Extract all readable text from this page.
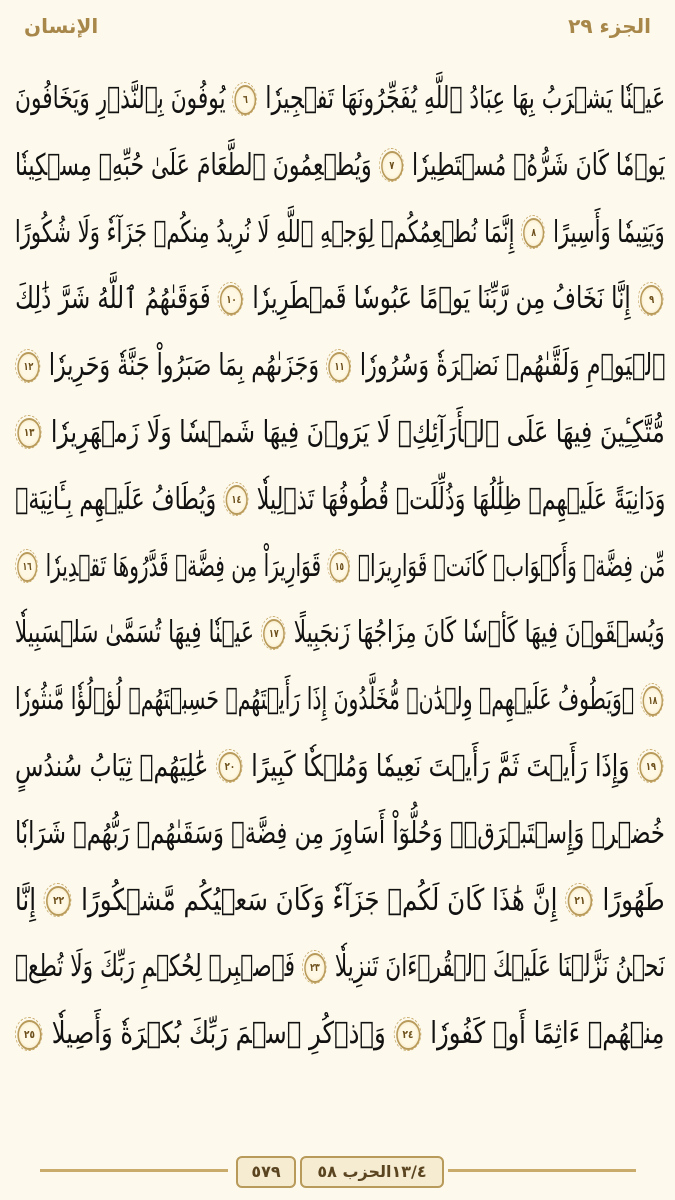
الجزء ٢٩
الإنسان
عَيۡنٗا يَشۡرَبُ بِهَا عِبَادُ ٱللَّهِ يُفَجِّرُونَهَا تَفۡجِيرٗا ٦ يُوفُونَ بِٱلنَّذۡرِ وَيَخَافُونَ
يَوۡمٗا كَانَ شَرُّهُۥ مُسۡتَطِيرٗا ٧ وَيُطۡعِمُونَ ٱلطَّعَامَ عَلَىٰ حُبِّهِۦ مِسۡكِينٗا
وَيَتِيمٗا وَأَسِيرًا ٨ إِنَّمَا نُطۡعِمُكُمۡ لِوَجۡهِ ٱللَّهِ لَا نُرِيدُ مِنكُمۡ جَزَآءٗ وَلَا شُكُورًا
٩ إِنَّا نَخَافُ مِن رَّبِّنَا يَوۡمًا عَبُوسٗا قَمۡطَرِيرٗا ١٠ فَوَقَىٰهُمُ ٱللَّهُ شَرَّ ذَٰلِكَ
ٱلۡيَوۡمِ وَلَقَّىٰهُمۡ نَضۡرَةٗ وَسُرُورٗا ١١ وَجَزَىٰهُم بِمَا صَبَرُواْ جَنَّةٗ وَحَرِيرٗا ١٢
مُّتَّكِـِٔينَ فِيهَا عَلَى ٱلۡأَرَآئِكِۖ لَا يَرَوۡنَ فِيهَا شَمۡسٗا وَلَا زَمۡهَرِيرٗا ١٣
وَدَانِيَةً عَلَيۡهِمۡ ظِلَٰلُهَا وَذُلِّلَتۡ قُطُوفُهَا تَذۡلِيلٗا ١٤ وَيُطَافُ عَلَيۡهِم بِـَٔانِيَةٖ
مِّن فِضَّةٖ وَأَكۡوَابٖ كَانَتۡ قَوَارِيرَا۠ ١٥ قَوَارِيرَاْ مِن فِضَّةٖ قَدَّرُوهَا تَقۡدِيرٗا ١٦
وَيُسۡقَوۡنَ فِيهَا كَأۡسٗا كَانَ مِزَاجُهَا زَنجَبِيلًا ١٧ عَيۡنٗا فِيهَا تُسَمَّىٰ سَلۡسَبِيلٗا
١٨ ۞وَيَطُوفُ عَلَيۡهِمۡ وِلۡدَٰنٞ مُّخَلَّدُونَ إِذَا رَأَيۡتَهُمۡ حَسِبۡتَهُمۡ لُؤۡلُؤٗا مَّنثُورٗا
١٩ وَإِذَا رَأَيۡتَ ثَمَّ رَأَيۡتَ نَعِيمٗا وَمُلۡكٗا كَبِيرًا ٢٠ عَٰلِيَهُمۡ ثِيَابُ سُندُسٍ
خُضۡرٞ وَإِسۡتَبۡرَقٞۖ وَحُلُّوٓاْ أَسَاوِرَ مِن فِضَّةٖ وَسَقَىٰهُمۡ رَبُّهُمۡ شَرَابٗا
طَهُورًا ٢١ إِنَّ هَٰذَا كَانَ لَكُمۡ جَزَآءٗ وَكَانَ سَعۡيُكُم مَّشۡكُورًا ٢٢ إِنَّا
نَحۡنُ نَزَّلۡنَا عَلَيۡكَ ٱلۡقُرۡءَانَ تَنزِيلٗا ٢٣ فَٱصۡبِرۡ لِحُكۡمِ رَبِّكَ وَلَا تُطِعۡ
مِنۡهُمۡ ءَاثِمًا أَوۡ كَفُورٗا ٢٤ وَٱذۡكُرِ ٱسۡمَ رَبِّكَ بُكۡرَةٗ وَأَصِيلٗا ٢٥
٥٧٩	١٣/٤الحزب ٥٨
